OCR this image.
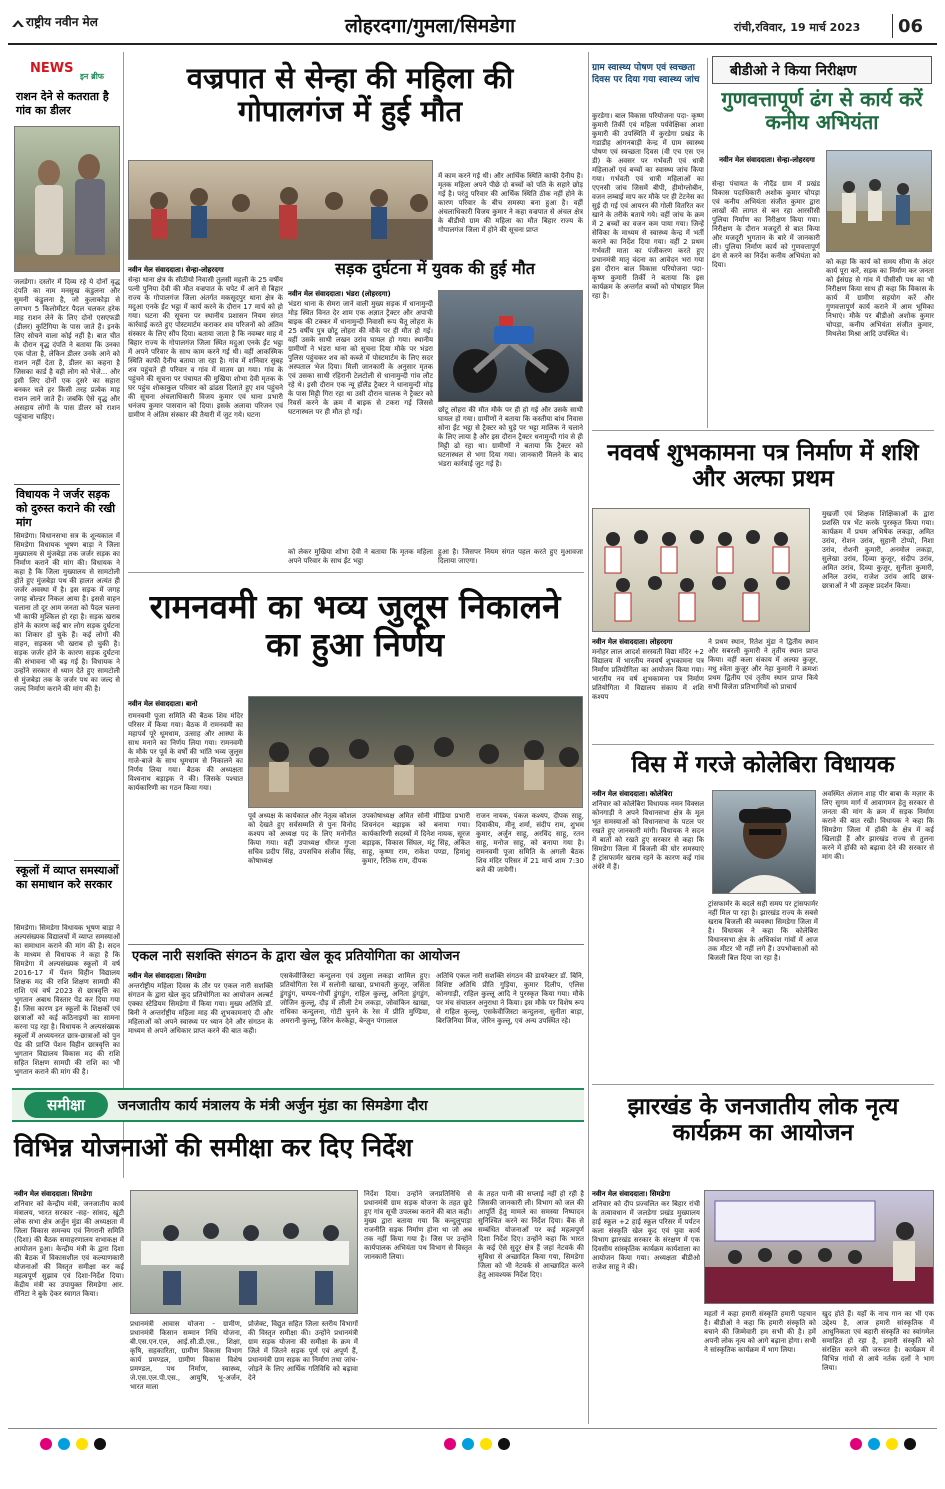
राष्ट्रीय नवीन मेल	लोहरदगा/गुमला/सिमडेगा	रांची,रविवार, 19 मार्च 2023 06
NEWS
इन ब्रीफ
राशन देने से कतराता है गांव का डीलर
जलडेगा। दस्तोर में दिव्य रहे ये दोनों वृद्ध दंपति का नाम मनसुख कंडुलना और सुमनी कंडुलना है, जो कुलाकोड़ा से लगभग 5 किलोमीटर पैदल चलकर हरेक माह राशन लेने के लिए दोनो एसएफडी (डीलर) कुटिंगिया के पास जाते हैं। इनके लिए सोचने वाला कोई नहीं है। बात चीत के दौरान वृद्ध दंपति ने बताया कि उनका एक पोता है, लेकिन डीलर उनके आने को राशन नहीं देता है, डीलर का कहना है जिसका कार्ड है वही लोग को भेजे... और इसी लिए दोनों एक दूसरे का सहारा बनकर चले हर किसी तरह प्रत्येक माह राशन लाने जाते हैं। जबकि ऐसे वृद्ध और असहाय लोगों के पास डीलर को राशन पहुंचाना चाहिए।
विधायक ने जर्जर सड़क को दुरुस्त कराने की रखी मांग
सिमडेगा। विधानसभा सत्र के शून्यकाल में सिमडेगा विधायक भूषण बाड़ा ने जिला मुख्यालय से मुंजबेड़ा तक जर्जर सड़क का निर्माण कराने की मांग की। विधायक ने कहा है कि जिला मुख्यालय से सामटोली होते हुए मुंजबेड़ा पथ की हालत अत्यंत ही जर्जर अवस्था में है। इस सड़क में जगह जगह बोल्डर निकल आया है। इससे वाहन चलाना तो दूर आम जनता को पैदल चलना भी काफी मुश्किल हो रहा है। सड़क खराब होने के कारण कई बार लोग सड़क दुर्घटना का शिकार हो चुके हैं। कई लोगों की वाहन, सड़कस भी खराब हो चुकी है। सड़क जर्जर होने के कारण सड़क दुर्घटना की संभावना भी बढ़ गई है। विधायक ने उन्होंने सरकार से ध्यान देते हुए सामटोली से मुंजबेड़ा तक के जर्जर पथ का जल्द से जल्द निर्माण कराने की मांग की है।
स्कूलों में व्याप्त समस्याओं का समाधान करे सरकार
सिमडेगा। सिमडेगा विधायक भूषण बाड़ा ने अल्पसंख्यक विद्यालयों में व्याप्त समस्याओं का समाधान कराने की मांग की है। सदन के माध्यम से विधायक ने कहा है कि सिमडेगा में अल्पसंख्यक स्कूलों में वर्ष 2016-17 में पेंशन विहीन विद्यालय शिक्षक मद की राशि शिक्षण सामग्री की राशि एवं वर्ष 2023 से छात्रवृत्ति का भुगतान अबाध विस्तार पेंड कर दिया गया है। जिस कारण इन स्कूलों के शिक्षकों एवं छात्राओं को कई कठिनाइयों का सामना करना पड़ रहा है। विधायक ने अल्पसंख्यक स्कूलों में अध्ययनरत छात्र-छात्राओं को पुन पेंड की प्राप्ति पेंशन विहीन छात्रवृत्ति का भुगतान विद्यालय विकास मद की राशि सहित शिक्षण सामग्री की राशि का भी भुगतान कराने की मांग की है।
वज्रपात से सेन्हा की महिला की गोपालगंज में हुई मौत
नवीन मेल संवाददाता। सेन्हा-लोहरदगा
सेन्हा थाना क्षेत्र के सीठीयो निवासी तुलसी महली के 25 वर्षीय पत्नी पुनिया देवी की मौत वज्रपात के चपेट में आने से बिहार राज्य के गोपालगंज जिला अंतर्गत मकसूदपुर थाना क्षेत्र के मदुआ एनके ईंट भट्ठा में कार्य करने के दौरान 17 मार्च को हो गया। घटना की सूचना पर स्थानीय प्रशासन नियम संगत कार्रवाई करते हुए पोस्टमार्टम कराकर शव परिजनों को अंतिम संस्कार के लिए सौंप दिया। बताया जाता है कि नवम्बर माह में बिहार राज्य के गोपालगंज जिला स्थित मदुआ एनके ईंट भट्ठा में अपने परिवार के साथ काम करने गई थी। वहीं आकस्मिक स्थिति काफी दैनीय बताया जा रहा है। गांव में शनिवार सुबह शव पहुंचते ही परिवार व गांव में मातम छा गया। गांव के पहुंचने की सूचना पर पंचायत की मुखिया शोभा देवी मृतक के घर पहुंच शोकाकुल परिवार को ढांढस दिलाते हुए शव पहुंचने की सूचना अंचलाधिकारी विजय कुमार एवं थाना प्रभारी धनंजय कुमार पासवान को दिया। इसके अलावा परिजन एवं ग्रामीण ने अंतिम संस्कार की तैयारी में जुट गये। घटना
में काम करने गई थी। और आर्थिक स्थिति काफी दैनीय है। मृतक महिला अपने पीछे दो बच्चों को पति के सहारे छोड़ गई है। परंतु परिवार की आर्थिक स्थिति ठीक नहीं होने के कारण परिवार के बीच समस्या बना हुआ है। वहीं अंचलाधिकारी विजय कुमार ने कहा वज्रपात से अंचल क्षेत्र के बीडीयो ग्राम की महिला का मौत बिहार राज्य के गोपालगंज जिला में होने की सूचना प्राप्त
को लेकर मुखिया शोभा देवी ने बताया कि मृतक महिला अपने परिवार के साथ ईंट भट्ठा
सड़क दुर्घटना में युवक की हुई मौत
नवीन मेल संवाददाता। भंडरा (लोहरदगा)
भंडरा थाना के सेमरा जाने वाली मुख्य सड़क में धानामुन्दी मोड़ स्थित विनत देर शाम एक अज्ञात ट्रैक्टर और अपाची बाइक की टक्कर में धानामुन्दी निवासी रूप चैतू लोहरा के 25 वर्षीय पुत्र छोटू लोहरा की मौके पर ही मौत हो गई। वहीं उसके साथी लखन उरांव घायल हो गया। स्थानीय ग्रामीणों ने भंडरा थाना को सूचना दिया मौके पर भंडरा पुलिस पहुंचकर शव को कब्जे में पोस्टमार्टम के लिए सदर अस्पताल भेज दिया। मिली जानकारी के अनुसार मृतक एवं उसका साथी रहिरानी टेलटोली से धानामुन्दी गांव लौट रहे थे। इसी दौरान एक न्यू हॉलैंड ट्रैक्टर ने धानामुन्दी मोड़ के पास मिट्टी गिरा रहा था उसी दौरान चालक ने ट्रैक्टर को रिवर्स करने के क्रम में बाइक से टकरा गई जिससे घटनास्थल पर ही मौत हो गई।	छोटू लोहरा की मौत मौके पर ही हो गई और उसके साथी घायल हो गया। ग्रामीणों ने बताया कि कस्तीया बांध निवास सोना ईंट भट्ठा से ट्रैक्टर को घुड़े पर भट्टा मालिक ने चलाने के लिए लाया है और इस दौरान ट्रैक्टर धनामुन्दी गांव से ही मिट्टी ढो रहा था। ग्रामीणों ने बताया कि ट्रैक्टर को घटनास्थल से भगा दिया गया। जानकारी मिलने के बाद भंडरा कार्रवाई जुट गई है।
हुआ है। जिसपर नियम संगत पहल करते हुए मुआवजा दिलाया जाएगा।
रामनवमी का भव्य जुलूस निकालने का हुआ निर्णय
नवीन मेल संवाददाता। बानो
रामनवमी पूजा समिति की बैठक शिव मंदिर परिसर में किया गया। बैठक में रामनवमी का महापर्व पूरे धूमधाम, उत्साह और आस्था के साथ मनाने का निर्णय लिया गया। रामनवमी के मौके पर पूर्व के वर्षों की भांति भव्य जुलूस गाजे-बाजे के साथ धूमधाम से निकालने का निर्णय लिया गया। बैठक की अध्यक्षता विश्वनाथ बड़ाइक ने की। जिसके पश्चात कार्यकारिणी का गठन किया गया।
पूर्व अध्यक्ष के कार्यकाल और नेतृत्व कौशल को देखते हुए सर्वसम्मति से पुनः विनोद कश्यप को अध्यक्ष पद के लिए मनोनीत किया गया। वहीं उपाध्यक्ष धीरज गुप्ता सचिव प्रदीप सिंह, उपसचिव संजीव सिंह, कोषाध्यक्ष
उपकोषाध्यक्ष अमित सोनी मीडिया प्रभारी शिवनंदन बड़ाइक को बनाया गया। कार्यकारिणी सदस्यों में दिनेश नायक, सूरज बड़ाइक, विकास सिंघल, मंटू सिंह, अंकित साहू, कृष्णा राम, राकेश पण्डा, हिमांशु कुमार, रितिक राम, दीपक
राजन नायक, पंकज कश्यप, दीपक साहू, दिवाकीय, मीनू शर्मा, संदीप राम, शुभम कुमार, अर्जुन साहू, अरविंद साहू, रतन साहू, मनोज साहू, को बनाया गया है। रामनवमी पूजा समिति के अगली बैठक शिव मंदिर परिसर में 21 मार्च शाम 7:30 बजे की जायेगी।
एकल नारी सशक्ति संगठन के द्वारा खेल कूद प्रतियोगिता का आयोजन
नवीन मेल संवाददाता। सिमडेगा
अन्तर्राष्ट्रीय महिला दिवस के तौर पर एकल नारी सशक्ति संगठन के द्वारा खेल कूद प्रतियोगिता का आयोजन अल्बर्ट एक्का स्टेडियम सिमडेगा में किया गया। मुख्य अतिथि डॉ. बिनी ने अन्तर्राष्ट्रीय महिला माह की शुभकामनाएं दी और महिलाओं को अपने स्वास्थ्य पर ध्यान देने और संगठन के माध्यम से अपने अधिकार प्राप्त करने की बात कही।
एसकेवीजिस्टा कन्दुलना एवं उसुला लकड़ा शामिल हुए। प्रतियोगिता रेस में सलोनी खाखा, प्रभावती कुजूर, जसिंता डुंगडुंग, चम्पय-गोर्ची डुंगडुंग, राहिल कुल्लू, अनिता डुंगडुंग, जोजिन कुल्लू, दौड़ में लीली टेम लकड़ा, जोवांकिन खाखा, राधिका कन्दुलना, गोटी चुनने के रेस में प्रीति मुण्डिया, अमरानी कुल्लू, जिरेन केरकेट्टा, बेन्ज़ुन पंगालाल
अतिथि एकल नारी सशक्ति संगठन की डायरेक्टर डॉ. बिनि, विशिष्ट अतिथि प्रीति गुड़िया, कुमार दिलीप, एलिस कोनगाड़ी, राहिल कुल्लू आदि ने पुरस्कृत किया गया। मौके पर मंच संचालन अनुराधा ने किया। इस मौके पर विशेष रूप से राहिल कुल्लू, एसकेवीजिस्टा कन्दुलना, सुनीता बाड़ा, बिरजिनिया मिंज, जेरिन कुल्लू, एवं अन्य उपस्थित रहे।
समीक्षा	जनजातीय कार्य मंत्रालय के मंत्री अर्जुन मुंडा का सिमडेगा दौरा
विभिन्न योजनाओं की समीक्षा कर दिए निर्देश
नवीन मेल संवाददाता। सिमडेगा
शनिवार को केन्द्रीय मंत्री, जनजातीय कार्य मंत्रालय, भारत सरकार -सह- सांसद, खूंटी लोक सभा क्षेत्र अर्जुन मुंडा की अध्यक्षता में जिला विकास समन्वय एवं निगरानी समिति (दिशा) की बैठक समाहरणालय सभाकक्ष में आयोजन हुआ। केन्द्रीय मंत्री के द्वारा दिशा की बैठक में विकासशील एवं कल्याणकारी योजनाओं की विस्तृत समीक्षा कर कई महत्वपूर्ण सुझाव एवं दिशा-निर्देश दिया। केंद्रीय मंत्री का उपायुक्त सिमडेगा आर. रॉनिटा ने बुके देकर स्वागत किया।
प्रधानमंत्री आवास योजना - ग्रामीण, प्रधानमंत्री किसान सम्मान निधि योजना, बी.एस.एन.एल, आई.सी.डी.एस., शिक्षा, कृषि, सहकारिता, ग्रामीण विकास विभाग कार्य प्रमण्डल, ग्रामीण विकास विशेष प्रमण्डल, पथ निर्माण, स्वास्थ्य, जे.एस.एल.पी.एस., आयुषि, भू-अर्जन, भारत माला
प्रोजेक्ट, विद्युत सहित जिला स्तरीय विभागों की विस्तृत समीक्षा की। उन्होंने प्रधानमंत्री ग्राम सड़क योजना की समीक्षा के क्रम में जिले में जितने सड़क पूर्ण एवं अपूर्ण हैं, प्रधानमंत्री ग्राम सड़क का निर्माण तथा जांच-जोड़ने के लिए आर्थिक गतिविधि को बढ़ावा देने
निर्देश दिया। उन्होंने जनप्रतिनिधि से प्रधानमंत्री ग्राम सड़क योजना के तहत छूटे हुए गांव सूची उपलब्ध कराने की बात कही। मुख्य द्वारा बताया गया कि कन्दुलुपाड़ा राजनीति सड़क निर्माण होना था जो अब तक नहीं किया गया है। जिस पर उन्होंने कार्यपालक अभियंता पथ विभाग से विस्तृत जानकारी लिया।
के तहत पानी की सप्लाई नहीं हो रही है जिसकी जानकारी ली। विभाग को जल की आपूर्ति हेतु मामले का समस्या निष्पादन सुनिश्चित करने का निर्देश दिया। बैंक से सम्बंधित योजनाओं पर कई महत्वपूर्ण दिशा निर्देश दिए। उन्होंने कहा कि भारत के कई ऐसे सुदूर क्षेत्र हैं जहां नेटवर्क की सुविधा से अच्छादित किया गया, सिमडेगा जिला को भी नेटवर्क से आच्छादित करने हेतु आवश्यक निर्देश दिए।
ग्राम स्वास्थ्य पोषण एवं स्वच्छता दिवस पर दिया गया स्वास्थ्य जांच
कुरडेगा। बाल विकास परियोजना पदा- कृष्ण कुमारी तिर्की एवं महिला पर्यवेक्षिका आशा कुमारी की उपस्थिति में कुरडेगा प्रखंड के गडाडीह आंगनबाड़ी केन्द्र में ग्राम स्वास्थ्य पोषण एवं स्वच्छता दिवस (वी एच एस एन डी) के अवसर पर गर्भवती एवं धात्री महिलाओं एवं बच्चों का स्वास्थ्य जांच किया गया। गर्भवती एवं धात्री महिलाओं का एएनसी जांच जिसमें बीपी, हीमोग्लोबीन, वजन लम्बाई माप कर मौके पर ही टेटनेस का सुई दी गई एवं आयरन की गोली वितरित कर खाने के तरीके बताये गये। वहीं जांच के क्रम में 2 बच्चों का वजन कम पाया गया। जिन्हें सेविका के माध्यम से स्वास्थ्य केन्द्र में भर्ती कराने का निर्देश दिया गया। वहीं 2 प्रथम गर्भवती माता का पंजीकरण करते हुए प्रधानमंत्री मातृ वंदना का आवेदन भरा गया इस दौरान बाल विकास परियोजना पदा- कृष्ण कुमारी तिर्की ने बताया कि इस कार्यक्रम के अन्तर्गत बच्चों को पोषाहार मिल रहा है।
बीडीओ ने किया निरीक्षण
गुणवत्तापूर्ण ढंग से कार्य करें कनीय अभियंता
नवीन मेल संवाददाता। सेन्हा-लोहरदगा
सेन्हा पंचायत के नौदैंड ग्राम में प्रखंड विकास पदाधिकारी अशोक कुमार चोपड़ा एवं कनीय अभियंता संजीत कुमार द्वारा लाखों की लागत से बन रहा आरसीसी पुलिया निर्माण का निरीक्षण किया गया। निरीक्षण के दौरान मजदूरों से बात किया और मजदूरी भुगतान के बारे में जानकारी ली। पुलिया निर्माण कार्य को गुणवत्तापूर्ण ढंग से करने का निर्देश कनीय अभियंता को दिया।	को कहा कि कार्य को समय सीमा के अंदर कार्य पूरा करें, सड़क का निर्माण कर जनता को ईसंग्रह से गांव में पीसीसी पथ का भी निरीक्षण किया साथ ही कहा कि विकास के कार्य में ग्रामीण सहयोग करें और गुणवत्तापूर्ण कार्य कराने में आम भूमिका निभाएं। मौके पर बीडीओ अशोक कुमार चोपड़ा, कनीय अभियंता संजीत कुमार, मिथलेश मिश्रा आदि उपस्थित थे।
नववर्ष शुभकामना पत्र निर्माण में शशि और अल्फा प्रथम
नवीन मेल संवाददाता। लोहरदगा
मनोहर लाल आदर्श सरस्वती विद्या मंदिर +2 विद्यालय में भारतीय नववर्ष शुभकामना पत्र निर्माण प्रतियोगिता का आयोजन किया गया। भारतीय नव वर्ष शुभकामना पत्र निर्माण प्रतियोगिता में विद्यालय संकाय में शशि कश्यप
ने प्रथम स्थान, रितेश मुंडा ने द्वितीय स्थान और सबरली कुमारी ने तृतीय स्थान प्राप्त किया। वहीं कला संकाय में अल्फा कुजूर, मधु श्वेता कुजूर और नेहा कुमारी ने क्रमशः प्रथम द्वितीय एवं तृतीय स्थान प्राप्त किये सभी विजेता प्रतिभागियों को प्राचार्य
मुखर्जी एवं शिक्षक शिक्षिकाओं के द्वारा प्रशस्ति पत्र भेंट करके पुरस्कृत किया गया। कार्यक्रम में प्रथम अभिषेक लकड़ा, अमित उरांव, रोशन उरांव, सुहानी टोप्पो, निशा उरांव, रोशनी कुमारी, अनमोल लकड़ा, सुलेखा उरांव, दिव्या कुजूर, संदीप उरांव, अमित उरांव, दिव्या कुजूर, सुनीता कुमारी, अनिल उरांव, राजेश उरांव आदि छात्र-छात्राओं ने भी उत्कृष्ट प्रदर्शन किया।
विस में गरजे कोलेबिरा विधायक
नवीन मेल संवाददाता। कोलेबिरा
शनिवार को कोलेबिरा विधायक नमन विक्सल कोनगाड़ी ने अपने विधानसभा क्षेत्र के मूल भूत समस्याओं को विधानसभा के पटल पर रखते हुए जानकारी मांगी। विधायक ने सदन में बातों को रखते हुए सरकार से कहा कि सिमडेगा जिला में बिजली की घोर समस्याएं हैं ट्रांसफार्मर खराब रहने के कारण कई गांव अंधेरे में हैं।
ट्रांसफार्मर के बदले सही समय पर ट्रांसफार्मर नहीं मिल पा रहा है। झारखंड राज्य के सबसे खराब बिजली की व्यवस्था सिमडेगा जिला में है। विधायक ने कहा कि कोलेबिरा विधानसभा क्षेत्र के अधिकांश गांवों में आज तक मीटर भी नहीं लगे हैं। उपभोक्ताओं को बिजली बिल दिया जा रहा है।
अवस्थित अंजान शाह पीर बाबा के मज़ार के लिए सुगम मार्ग में आवागमन हेतु सरकार से जनता की मांग के क्रम में सड़क निर्माण कराने की बात रखी। विधायक ने कहा कि सिमडेगा जिला में हॉकी के क्षेत्र में कई खिलाड़ी हैं और झारखंड राज्य से तुलना करने में हॉकी को बढ़ावा देने की सरकार से मांग की।
झारखंड के जनजातीय लोक नृत्य कार्यक्रम का आयोजन
नवीन मेल संवाददाता। सिमडेगा
शनिवार को दीप प्रज्वलित कर बिहार रांची के तत्वावधान में जलडेगा प्रखंड मुख्यालय हाई स्कूल +2 हाई स्कूल परिसर में पर्यटन कला संस्कृति खेल कूद एवं युवा कार्य विभाग झारखंड सरकार के संरक्षण में एक दिवसीय सांस्कृतिक कार्यक्रम कार्यशाला का आयोजन किया गया। अध्यक्षता बीडीओ राजेश साहू ने की।
महतो ने कहा हमारी संस्कृति हमारी पहचान है। बीडीओ ने कहा कि हमारी संस्कृति को बचाने की जिम्मेवारी हम सभी की है। हमें अपनी लोक नृत्य को आगे बढ़ाना होगा। सभी ने सांस्कृतिक कार्यक्रम में भाग लिया।
खुद होते हैं। यहाँ के नाच गान का भी एक उद्देश्य है, आज हमारी सांस्कृतिक में आधुनिकता एवं बहारी संस्कृति का स्वांगमेल समाहित हो रहा है, हमारी संस्कृति को संरक्षित करने की जरूरत है। कार्यक्रम में विभिन्न गांवों से आये नर्तक दलों ने भाग लिया।
